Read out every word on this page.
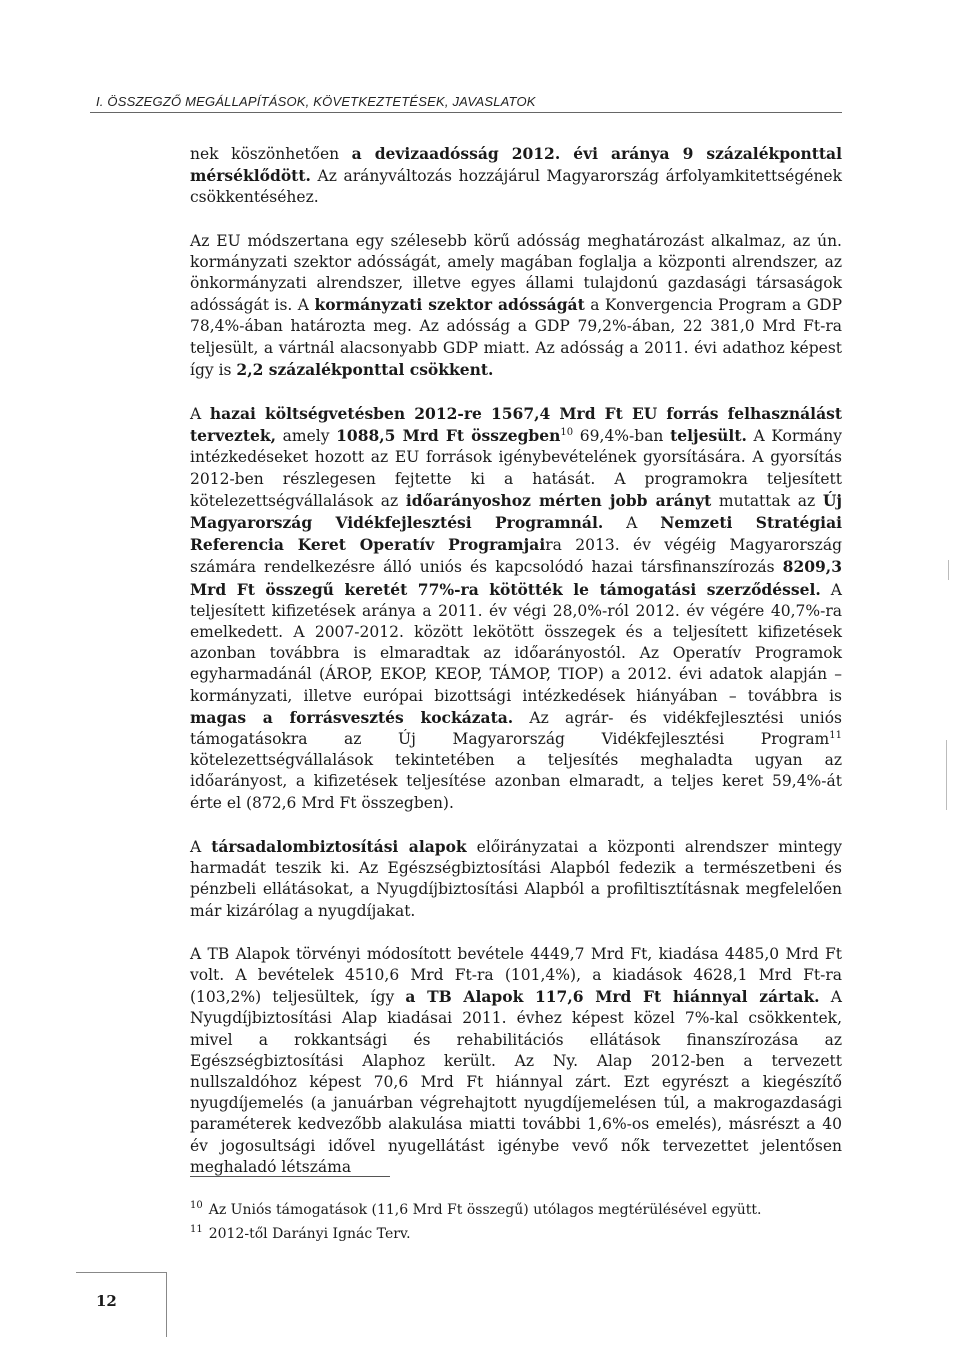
I. ÖSSZEGZŐ MEGÁLLAPÍTÁSOK, KÖVETKEZTETÉSEK, JAVASLATOK

nek köszönhetően a devizaadósság 2012. évi aránya 9 százalékponttal mérséklődött. Az arányváltozás hozzájárul Magyarország árfolyamkitettségének csökkentéséhez.

Az EU módszertana egy szélesebb körű adósság meghatározást alkalmaz, az ún. kormányzati szektor adósságát, amely magában foglalja a központi alrendszer, az önkormányzati alrendszer, illetve egyes állami tulajdonú gazdasági társaságok adósságát is. A kormányzati szektor adósságát a Konvergencia Program a GDP 78,4%-ában határozta meg. Az adósság a GDP 79,2%-ában, 22 381,0 Mrd Ft-ra teljesült, a vártnál alacsonyabb GDP miatt. Az adósság a 2011. évi adathoz képest így is 2,2 százalékponttal csökkent.

A hazai költségvetésben 2012-re 1567,4 Mrd Ft EU forrás felhasználást terveztek, amely 1088,5 Mrd Ft összegben$^{10}$ 69,4%-ban teljesült. A Kormány intézkedéseket hozott az EU források igénybevételének gyorsítására. A gyorsítás 2012-ben részlegesen fejtette ki a hatását. A programokra teljesített kötelezettségvállalások az időarányoshoz mérten jobb arányt mutattak az Új Magyarország Vidékfejlesztési Programnál. A Nemzeti Stratégiai Referencia Keret Operatív Programjaira 2013. év végéig Magyarország számára rendelkezésre álló uniós és kapcsolódó hazai társfinanszírozás 8209,3 Mrd Ft összegű keretét 77%-ra kötötték le támogatási szerződéssel. A teljesített kifizetések aránya a 2011. év végi 28,0%-ról 2012. év végére 40,7%-ra emelkedett. A 2007-2012. között lekötött összegek és a teljesített kifizetések azonban továbbra is elmaradtak az időarányostól. Az Operatív Programok egyharmadánál (ÁROP, EKOP, KEOP, TÁMOP, TIOP) a 2012. évi adatok alapján – kormányzati, illetve európai bizottsági intézkedések hiányában – továbbra is magas a forrásvesztés kockázata. Az agrár- és vidékfejlesztési uniós támogatásokra az Új Magyarország Vidékfejlesztési Program$^{11}$ kötelezettségvállalások tekintetében a teljesítés meghaladta ugyan az időarányost, a kifizetések teljesítése azonban elmaradt, a teljes keret 59,4%-át érte el (872,6 Mrd Ft összegben).

A társadalombiztosítási alapok előirányzatai a központi alrendszer mintegy harmadát teszik ki. Az Egészségbiztosítási Alapból fedezik a természetbeni és pénzbeli ellátásokat, a Nyugdíjbiztosítási Alapból a profiltisztításnak megfelelően már kizárólag a nyugdíjakat.

A TB Alapok törvényi módosított bevétele 4449,7 Mrd Ft, kiadása 4485,0 Mrd Ft volt. A bevételek 4510,6 Mrd Ft-ra (101,4%), a kiadások 4628,1 Mrd Ft-ra (103,2%) teljesültek, így a TB Alapok 117,6 Mrd Ft hiánnyal zártak. A Nyugdíjbiztosítási Alap kiadásai 2011. évhez képest közel 7%-kal csökkentek, mivel a rokkantsági és rehabilitációs ellátások finanszírozása az Egészségbiztosítási Alaphoz került. Az Ny. Alap 2012-ben a tervezett nullszaldóhoz képest 70,6 Mrd Ft hiánnyal zárt. Ezt egyrészt a kiegészítő nyugdíjemelés (a januárban végrehajtott nyugdíjemelésen túl, a makrogazdasági paraméterek kedvezőbb alakulása miatti további 1,6%-os emelés), másrészt a 40 év jogosultsági idővel nyugellátást igénybe vevő nők tervezettet jelentősen meghaladó létszáma

$^{10}$ Az Uniós támogatások (11,6 Mrd Ft összegű) utólagos megtérülésével együtt.
$^{11}$ 2012-től Darányi Ignác Terv.
12
